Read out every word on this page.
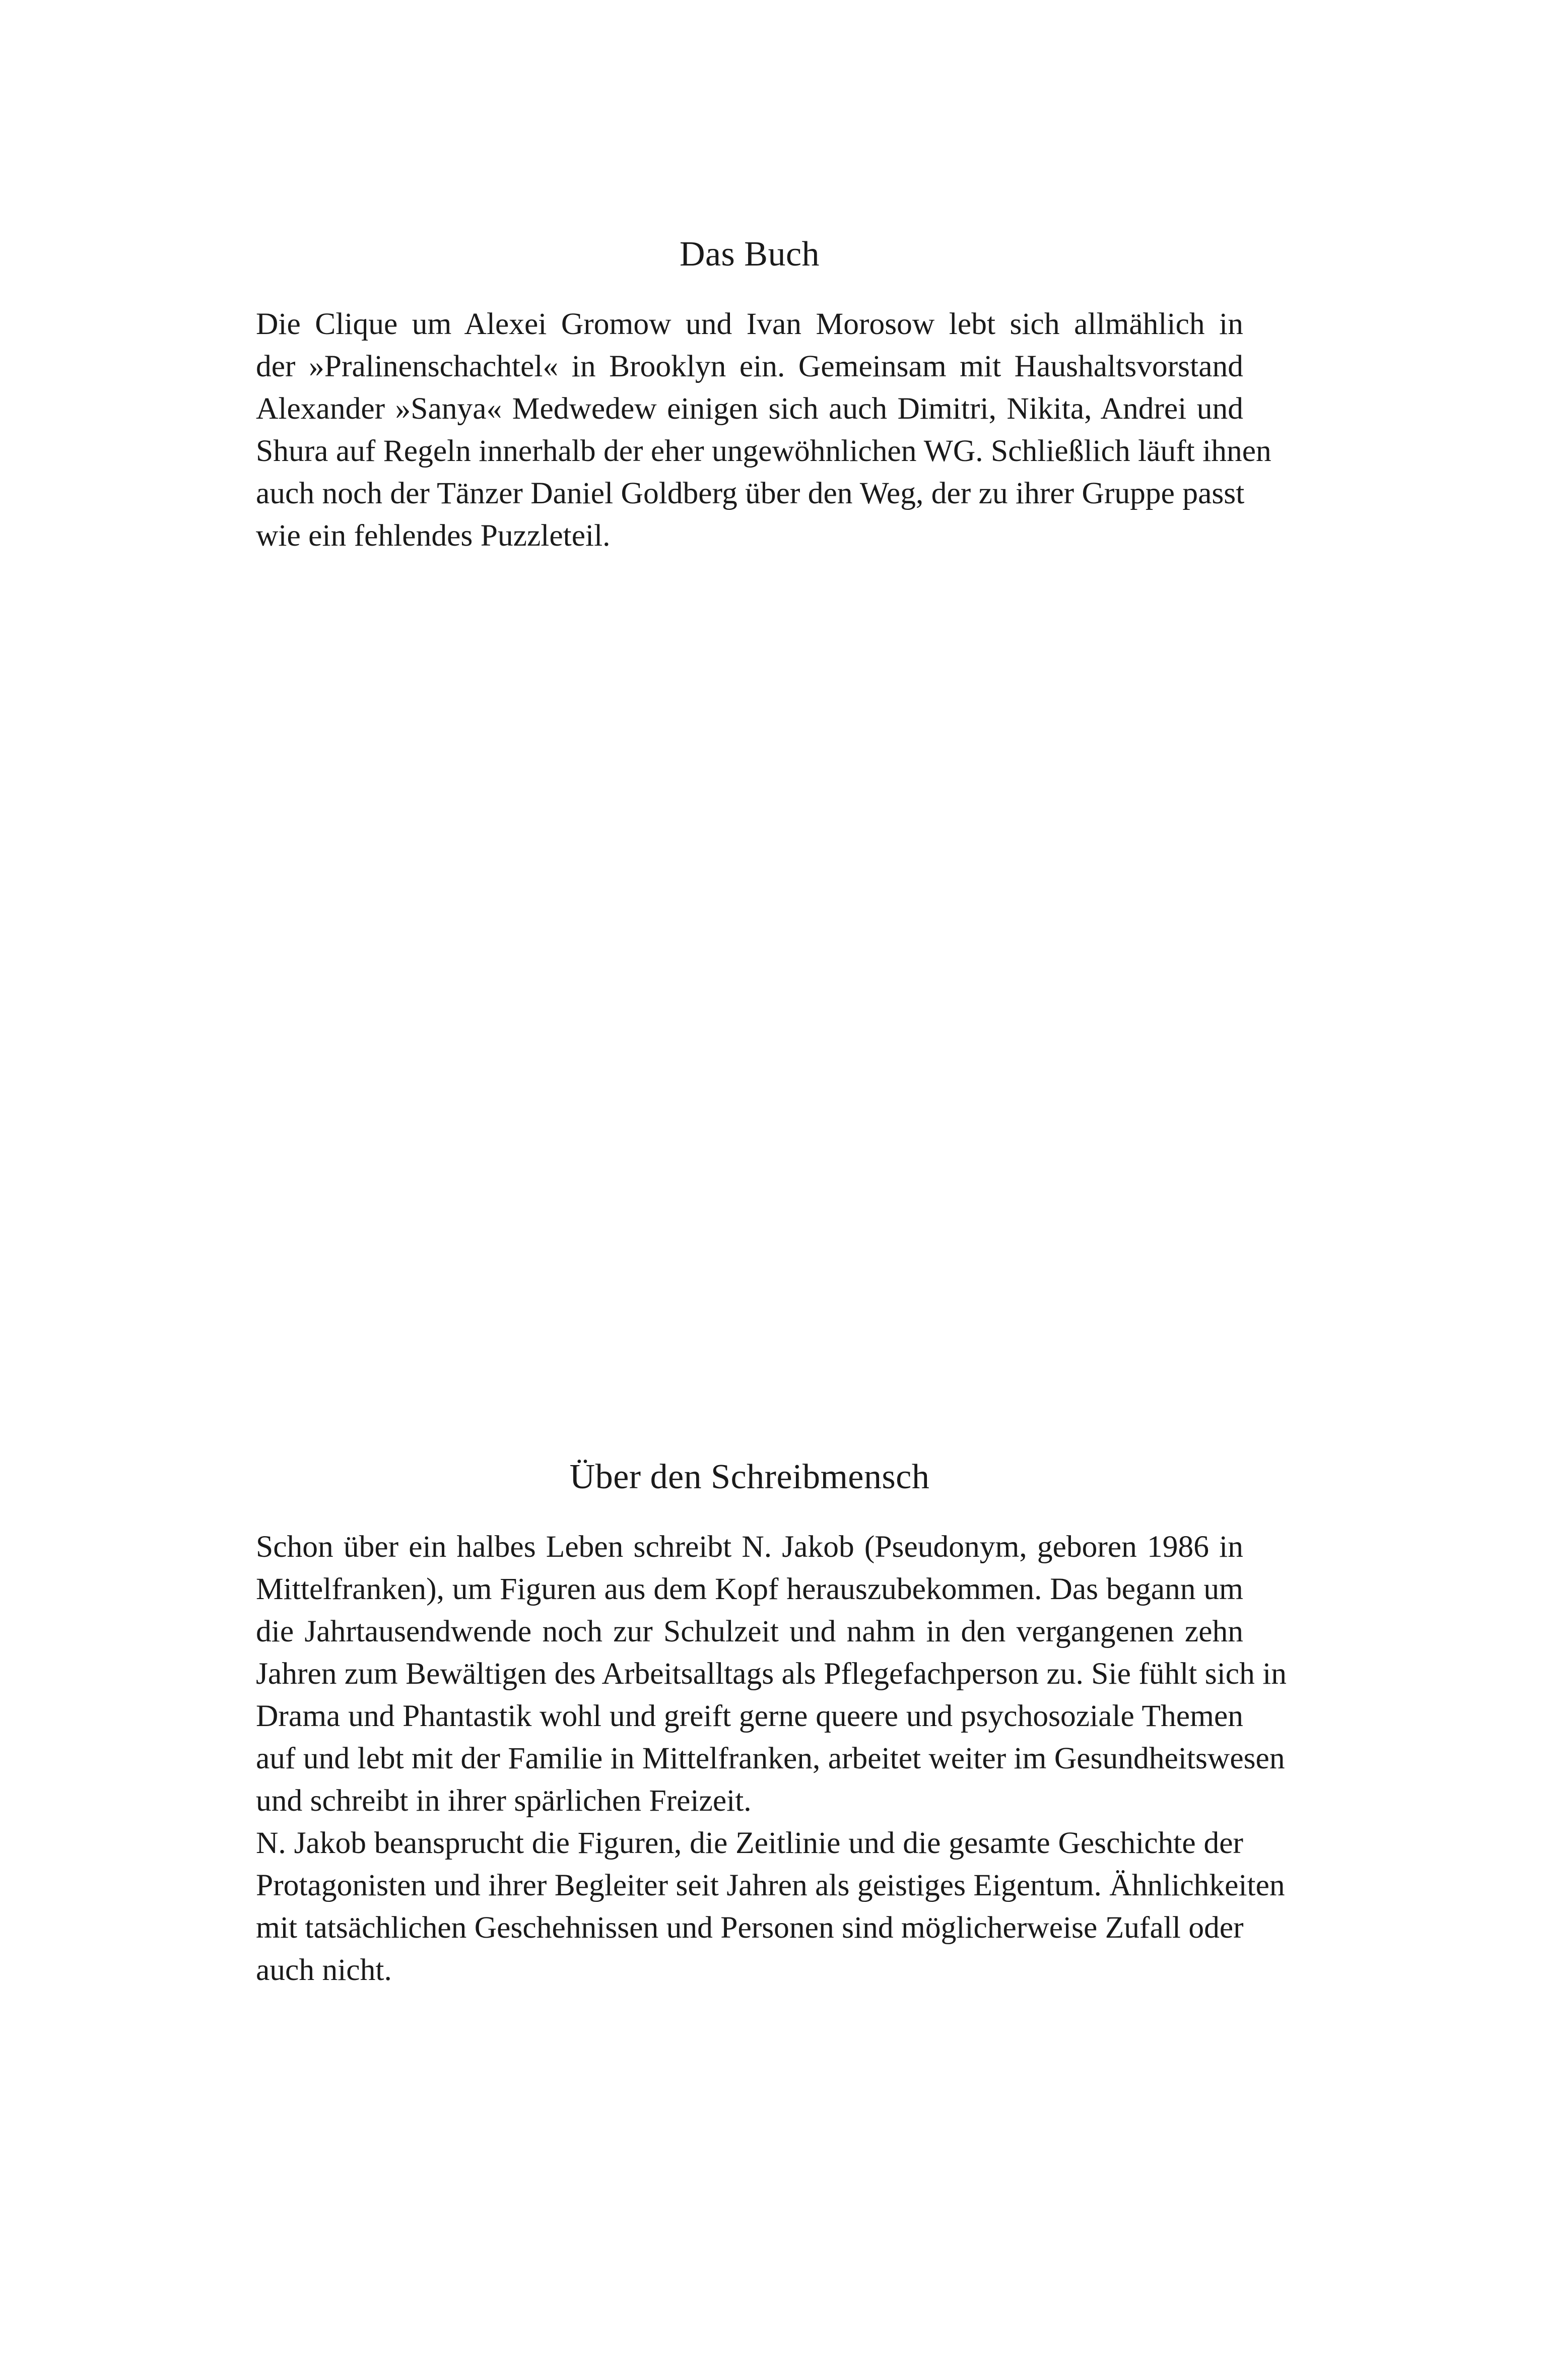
Das Buch

Die Clique um Alexei Gromow und Ivan Morosow lebt sich allmählich in
der »Pralinenschachtel« in Brooklyn ein. Gemeinsam mit Haushaltsvorstand
Alexander »Sanya« Medwedew einigen sich auch Dimitri, Nikita, Andrei und
Shura auf Regeln innerhalb der eher ungewöhnlichen WG. Schließlich läuft ihnen
auch noch der Tänzer Daniel Goldberg über den Weg, der zu ihrer Gruppe passt
wie ein fehlendes Puzzleteil.

Über den Schreibmensch

Schon über ein halbes Leben schreibt N. Jakob (Pseudonym, geboren 1986 in
Mittelfranken), um Figuren aus dem Kopf herauszubekommen. Das begann um
die Jahrtausendwende noch zur Schulzeit und nahm in den vergangenen zehn
Jahren zum Bewältigen des Arbeitsalltags als Pflegefachperson zu. Sie fühlt sich in
Drama und Phantastik wohl und greift gerne queere und psychosoziale Themen
auf und lebt mit der Familie in Mittelfranken, arbeitet weiter im Gesundheitswesen
und schreibt in ihrer spärlichen Freizeit.
N. Jakob beansprucht die Figuren, die Zeitlinie und die gesamte Geschichte der
Protagonisten und ihrer Begleiter seit Jahren als geistiges Eigentum. Ähnlichkeiten
mit tatsächlichen Geschehnissen und Personen sind möglicherweise Zufall oder
auch nicht.
